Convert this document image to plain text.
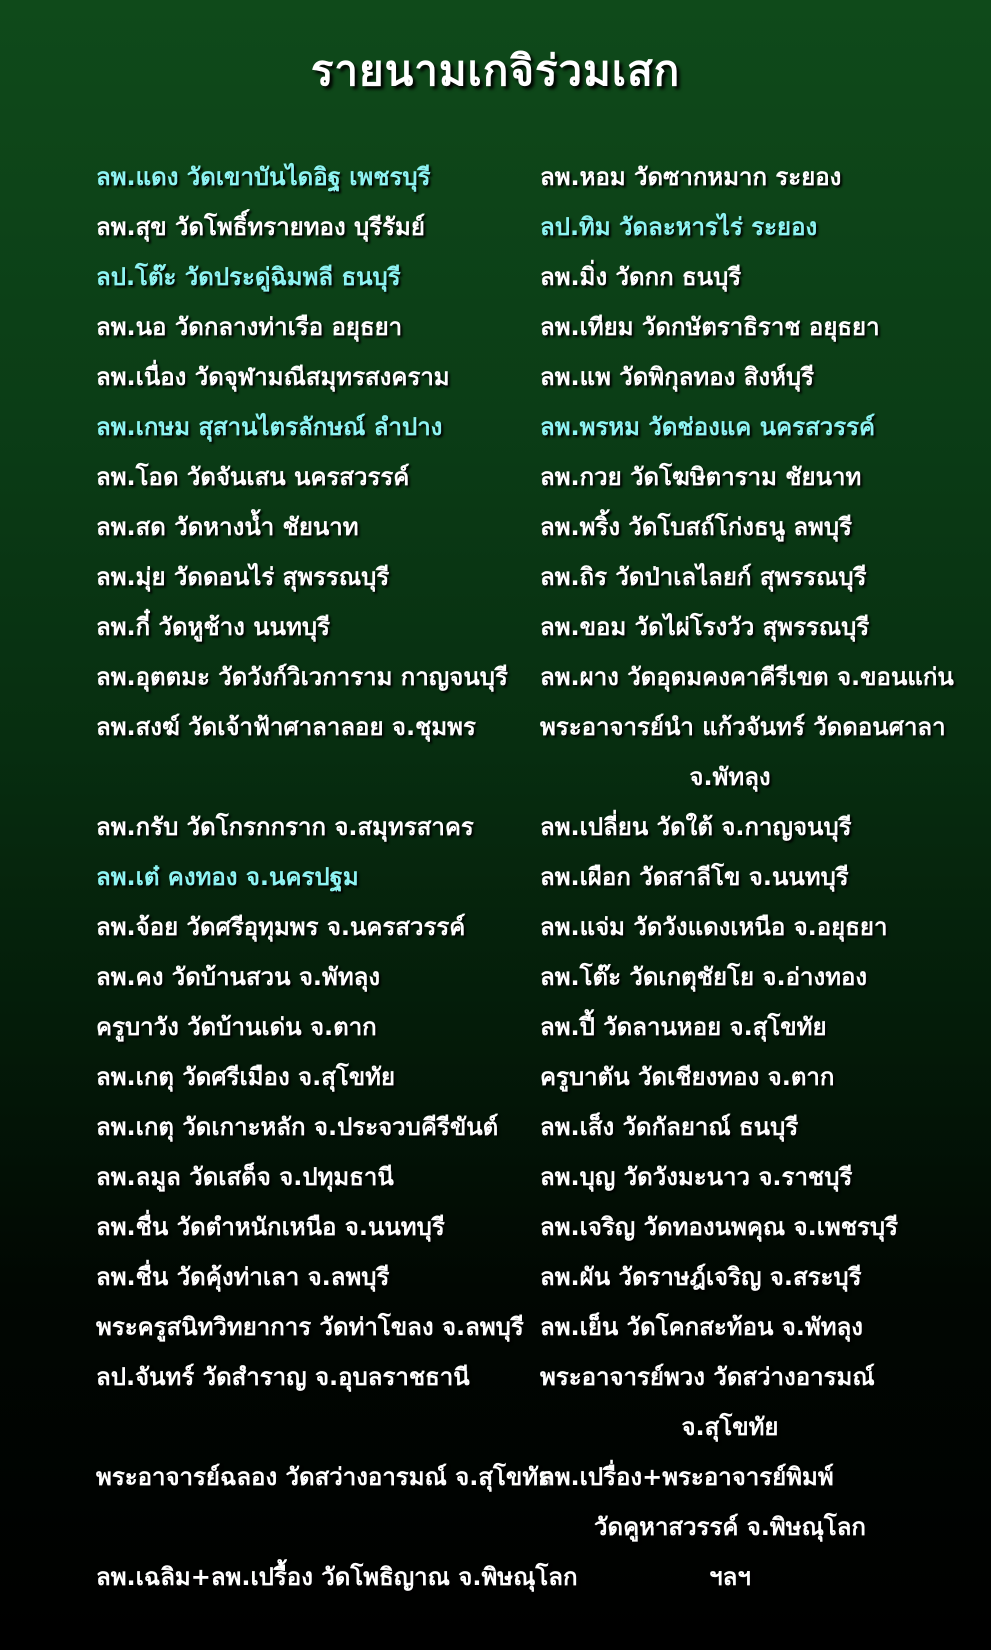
รายนามเกจิร่วมเสก
ลพ.แดง วัดเขาบันไดอิฐ เพชรบุรี
ลพ.สุข วัดโพธิ์ทรายทอง บุรีรัมย์
ลป.โต๊ะ วัดประดู่ฉิมพลี ธนบุรี
ลพ.นอ วัดกลางท่าเรือ อยุธยา
ลพ.เนื่อง วัดจุฬามณีสมุทรสงคราม
ลพ.เกษม สุสานไตรลักษณ์ ลำปาง
ลพ.โอด วัดจันเสน นครสวรรค์
ลพ.สด วัดหางน้ำ ชัยนาท
ลพ.มุ่ย วัดดอนไร่ สุพรรณบุรี
ลพ.กี๋ วัดหูช้าง นนทบุรี
ลพ.อุตตมะ วัดวังก์วิเวการาม กาญจนบุรี
ลพ.สงฆ์ วัดเจ้าฟ้าศาลาลอย จ.ชุมพร
ลพ.กรับ วัดโกรกกราก จ.สมุทรสาคร
ลพ.เต๋ คงทอง จ.นครปฐม
ลพ.จ้อย วัดศรีอุทุมพร จ.นครสวรรค์
ลพ.คง วัดบ้านสวน จ.พัทลุง
ครูบาวัง วัดบ้านเด่น จ.ตาก
ลพ.เกตุ วัดศรีเมือง จ.สุโขทัย
ลพ.เกตุ วัดเกาะหลัก จ.ประจวบคีรีขันต์
ลพ.ลมูล วัดเสด็จ จ.ปทุมธานี
ลพ.ชื่น วัดตำหนักเหนือ จ.นนทบุรี
ลพ.ชื่น วัดคุ้งท่าเลา จ.ลพบุรี
พระครูสนิทวิทยาการ วัดท่าโขลง จ.ลพบุรี
ลป.จันทร์ วัดสำราญ จ.อุบลราชธานี
พระอาจารย์ฉลอง วัดสว่างอารมณ์ จ.สุโขทัย
ลพ.เฉลิม+ลพ.เปรื้อง วัดโพธิญาณ จ.พิษณุโลก
ลพ.หอม วัดซากหมาก ระยอง
ลป.ทิม วัดละหารไร่ ระยอง
ลพ.มิ่ง วัดกก ธนบุรี
ลพ.เทียม วัดกษัตราธิราช อยุธยา
ลพ.แพ วัดพิกุลทอง สิงห์บุรี
ลพ.พรหม วัดช่องแค นครสวรรค์
ลพ.กวย วัดโฆษิตาราม ชัยนาท
ลพ.พริ้ง วัดโบสถ์โก่งธนู ลพบุรี
ลพ.ถิร วัดป่าเลไลยก์ สุพรรณบุรี
ลพ.ขอม วัดไผ่โรงวัว สุพรรณบุรี
ลพ.ผาง วัดอุดมคงคาคีรีเขต จ.ขอนแก่น
พระอาจารย์นำ แก้วจันทร์ วัดดอนศาลา
จ.พัทลุง
ลพ.เปลี่ยน วัดใต้ จ.กาญจนบุรี
ลพ.เผือก วัดสาลีโข จ.นนทบุรี
ลพ.แจ่ม วัดวังแดงเหนือ จ.อยุธยา
ลพ.โต๊ะ วัดเกตุชัยโย จ.อ่างทอง
ลพ.ปี้ วัดลานหอย จ.สุโขทัย
ครูบาตัน วัดเชียงทอง จ.ตาก
ลพ.เส็ง วัดกัลยาณ์ ธนบุรี
ลพ.บุญ วัดวังมะนาว จ.ราชบุรี
ลพ.เจริญ วัดทองนพคุณ จ.เพชรบุรี
ลพ.ผัน วัดราษฎ์เจริญ จ.สระบุรี
ลพ.เย็น วัดโคกสะท้อน จ.พัทลุง
พระอาจารย์พวง วัดสว่างอารมณ์
จ.สุโขทัย
ลพ.เปรื่อง+พระอาจารย์พิมพ์
วัดคูหาสวรรค์ จ.พิษณุโลก
ฯลฯ
